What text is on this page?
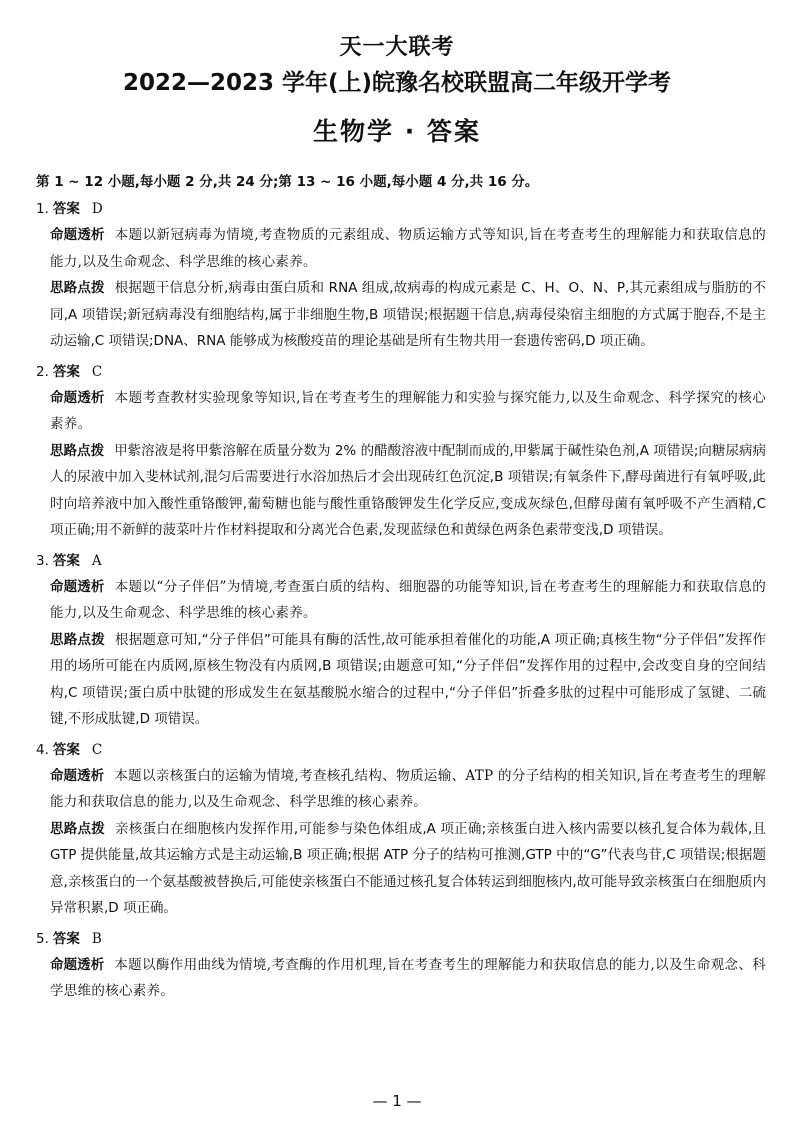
天一大联考
2022—2023 学年(上)皖豫名校联盟高二年级开学考
生物学 · 答案
第 1 ~ 12 小题,每小题 2 分,共 24 分;第 13 ~ 16 小题,每小题 4 分,共 16 分。
1. 答案 D
命题透析 本题以新冠病毒为情境,考查物质的元素组成、物质运输方式等知识,旨在考查考生的理解能力和获取信息的能力,以及生命观念、科学思维的核心素养。
思路点拨 根据题干信息分析,病毒由蛋白质和 RNA 组成,故病毒的构成元素是 C、H、O、N、P,其元素组成与脂肪的不同,A 项错误;新冠病毒没有细胞结构,属于非细胞生物,B 项错误;根据题干信息,病毒侵染宿主细胞的方式属于胞吞,不是主动运输,C 项错误;DNA、RNA 能够成为核酸疫苗的理论基础是所有生物共用一套遗传密码,D 项正确。
2. 答案 C
命题透析 本题考查教材实验现象等知识,旨在考查考生的理解能力和实验与探究能力,以及生命观念、科学探究的核心素养。
思路点拨 甲紫溶液是将甲紫溶解在质量分数为 2% 的醋酸溶液中配制而成的,甲紫属于碱性染色剂,A 项错误;向糖尿病病人的尿液中加入斐林试剂,混匀后需要进行水浴加热后才会出现砖红色沉淀,B 项错误;有氧条件下,酵母菌进行有氧呼吸,此时向培养液中加入酸性重铬酸钾,葡萄糖也能与酸性重铬酸钾发生化学反应,变成灰绿色,但酵母菌有氧呼吸不产生酒精,C 项正确;用不新鲜的菠菜叶片作材料提取和分离光合色素,发现蓝绿色和黄绿色两条色素带变浅,D 项错误。
3. 答案 A
命题透析 本题以“分子伴侣”为情境,考查蛋白质的结构、细胞器的功能等知识,旨在考查考生的理解能力和获取信息的能力,以及生命观念、科学思维的核心素养。
思路点拨 根据题意可知,“分子伴侣”可能具有酶的活性,故可能承担着催化的功能,A 项正确;真核生物“分子伴侣”发挥作用的场所可能在内质网,原核生物没有内质网,B 项错误;由题意可知,“分子伴侣”发挥作用的过程中,会改变自身的空间结构,C 项错误;蛋白质中肽键的形成发生在氨基酸脱水缩合的过程中,“分子伴侣”折叠多肽的过程中可能形成了氢键、二硫键,不形成肽键,D 项错误。
4. 答案 C
命题透析 本题以亲核蛋白的运输为情境,考查核孔结构、物质运输、ATP 的分子结构的相关知识,旨在考查考生的理解能力和获取信息的能力,以及生命观念、科学思维的核心素养。
思路点拨 亲核蛋白在细胞核内发挥作用,可能参与染色体组成,A 项正确;亲核蛋白进入核内需要以核孔复合体为载体,且 GTP 提供能量,故其运输方式是主动运输,B 项正确;根据 ATP 分子的结构可推测,GTP 中的“G”代表鸟苷,C 项错误;根据题意,亲核蛋白的一个氨基酸被替换后,可能使亲核蛋白不能通过核孔复合体转运到细胞核内,故可能导致亲核蛋白在细胞质内异常积累,D 项正确。
5. 答案 B
命题透析 本题以酶作用曲线为情境,考查酶的作用机理,旨在考查考生的理解能力和获取信息的能力,以及生命观念、科学思维的核心素养。
— 1 —
